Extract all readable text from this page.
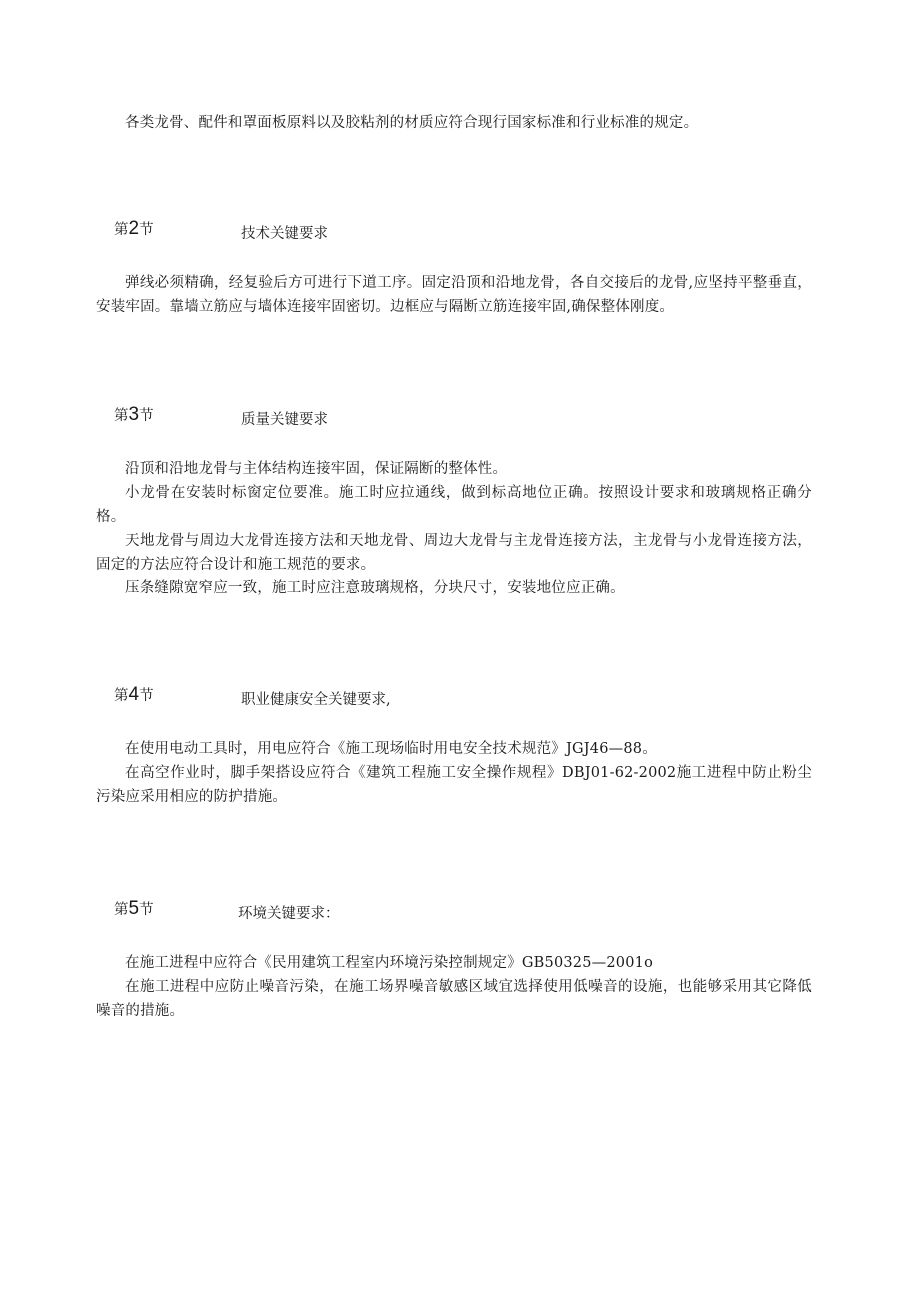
各类龙骨、配件和罩面板原料以及胶粘剂的材质应符合现行国家标准和行业标准的规定。

第2节	技术关键要求

弹线必须精确，经复验后方可进行下道工序。固定沿顶和沿地龙骨，各自交接后的龙骨,应坚持平整垂直，安装牢固。靠墙立筋应与墙体连接牢固密切。边框应与隔断立筋连接牢固,确保整体刚度。

第3节	质量关键要求

沿顶和沿地龙骨与主体结构连接牢固，保证隔断的整体性。

小龙骨在安装时标窗定位要准。施工时应拉通线，做到标高地位正确。按照设计要求和玻璃规格正确分格。

天地龙骨与周边大龙骨连接方法和天地龙骨、周边大龙骨与主龙骨连接方法，主龙骨与小龙骨连接方法，固定的方法应符合设计和施工规范的要求。

压条缝隙宽窄应一致，施工时应注意玻璃规格，分块尺寸，安装地位应正确。

第4节	职业健康安全关键要求,

在使用电动工具时，用电应符合《施工现场临时用电安全技术规范》JGJ46—88。

在高空作业时，脚手架搭设应符合《建筑工程施工安全操作规程》DBJ01-62-2002施工进程中防止粉尘污染应采用相应的防护措施。

第5节	环境关键要求：

在施工进程中应符合《民用建筑工程室内环境污染控制规定》GB50325—2001o

在施工进程中应防止噪音污染，在施工场界噪音敏感区域宜选择使用低噪音的设施，也能够采用其它降低噪音的措施。
